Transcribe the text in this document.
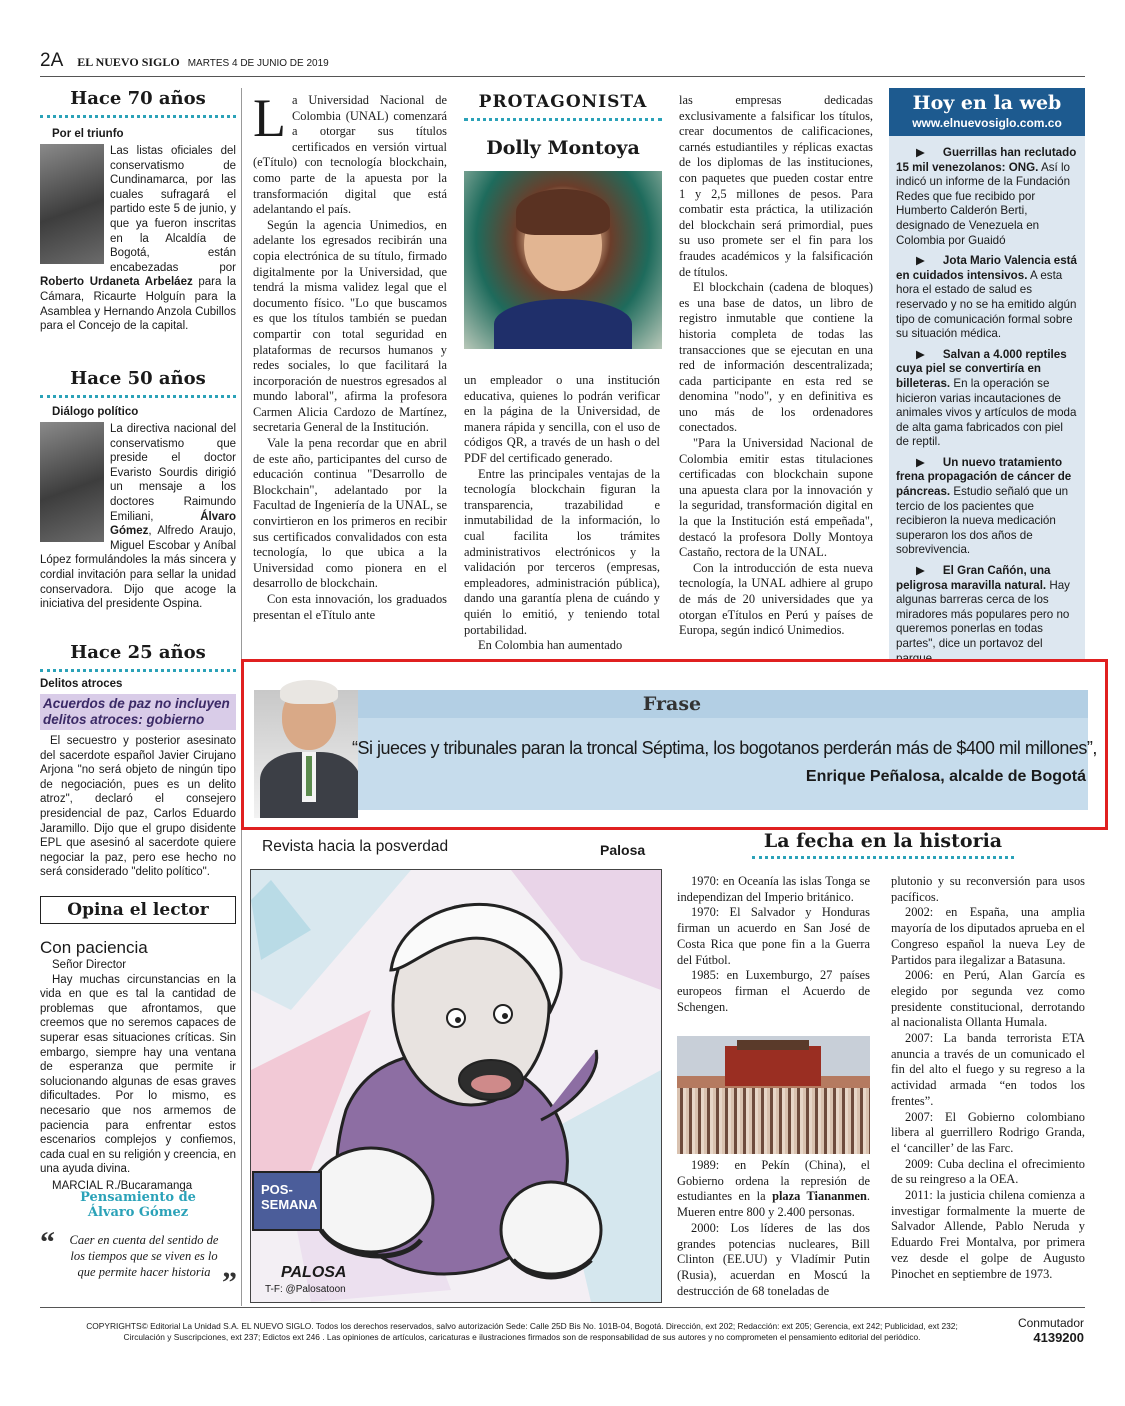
2A EL NUEVO SIGLO MARTES 4 DE JUNIO DE 2019
Hace 70 años
Por el triunfo
Las listas oficiales del conservatismo de Cundinamarca, por las cuales sufragará el partido este 5 de junio, y que ya fueron inscritas en la Alcaldía de Bogotá, están encabezadas por Roberto Urdaneta Arbeláez para la Cámara, Ricaurte Holguín para la Asamblea y Hernando Anzola Cubillos para el Concejo de la capital.
Hace 50 años
Diálogo político
La directiva nacional del conservatismo que preside el doctor Evaristo Sourdis dirigió un mensaje a los doctores Raimundo Emiliani,	Álvaro Gómez, Alfredo Araujo, Miguel Escobar y Aníbal López formulándoles la más sincera y cordial invitación para sellar la unidad conservadora. Dijo que acoge la iniciativa del presidente Ospina.
Hace 25 años
Delitos atroces
Acuerdos de paz no incluyen delitos atroces: gobierno
El secuestro y posterior asesinato del sacerdote español Javier Cirujano Arjona "no será objeto de ningún tipo de negociación, pues es un delito atroz", declaró el consejero presidencial de paz, Carlos Eduardo Jaramillo. Dijo que el grupo disidente EPL que asesinó al sacerdote quiere negociar la paz, pero ese hecho no será considerado "delito político".
Opina el lector
Con paciencia
Señor Director
Hay muchas circunstancias en la vida en que es tal la cantidad de problemas que afrontamos, que creemos que no seremos capaces de superar esas situaciones críticas. Sin embargo, siempre hay una ventana de esperanza que permite ir solucionando algunas de esas graves dificultades. Por lo mismo, es necesario que nos armemos de paciencia para enfrentar estos escenarios complejos y confiemos, cada cual en su religión y creencia, en una ayuda divina.
MARCIAL R./Bucaramanga
Pensamiento de Álvaro Gómez
“ Caer en cuenta del sentido de los tiempos que se viven es lo que permite hacer historia ”
L a Universidad Nacional de Colombia (UNAL) comenzará a otorgar sus títulos certificados en versión virtual (eTítulo) con tecnología blockchain, como parte de la apuesta por la transformación digital que está adelantando el país.

Según la agencia Unimedios, en adelante los egresados recibirán una copia electrónica de su título, firmado digitalmente por la Universidad, que tendrá la misma validez legal que el documento físico. "Lo que buscamos es que los títulos también se puedan compartir con total seguridad en plataformas de recursos humanos y redes sociales, lo que facilitará la incorporación de nuestros egresados al mundo laboral", afirma la profesora Carmen Alicia Cardozo de Martínez, secretaria General de la Institución.

Vale la pena recordar que en abril de este año, participantes del curso de educación continua "Desarrollo de Blockchain", adelantado por la Facultad de Ingeniería de la UNAL, se convirtieron en los primeros en recibir sus certificados convalidados con esta tecnología, lo que ubica a la Universidad como pionera en el desarrollo de blockchain.

Con esta innovación, los graduados presentan el eTítulo ante

PROTAGONISTA
Dolly Montoya

un empleador o una institución educativa, quienes lo podrán verificar en la página de la Universidad, de manera rápida y sencilla, con el uso de códigos QR, a través de un hash o del PDF del certificado generado.

Entre las principales ventajas de la tecnología blockchain figuran la transparencia, trazabilidad e inmutabilidad de la información, lo cual facilita los trámites administrativos electrónicos y la validación por terceros (empresas, empleadores, administración pública), dando una garantía plena de cuándo y quién lo emitió, y teniendo total portabilidad.

En Colombia han aumentado

las empresas dedicadas exclusivamente a falsificar los títulos, crear documentos de calificaciones, carnés estudiantiles y réplicas exactas de los diplomas de las instituciones, con paquetes que pueden costar entre 1 y 2,5 millones de pesos. Para combatir esta práctica, la utilización del blockchain será primordial, pues su uso promete ser el fin para los fraudes académicos y la falsificación de títulos.

El blockchain (cadena de bloques) es una base de datos, un libro de registro inmutable que contiene la historia completa de todas las transacciones que se ejecutan en una red de información descentralizada; cada participante en esta red se denomina "nodo", y en definitiva es uno más de los ordenadores conectados.

"Para la Universidad Nacional de Colombia emitir estas titulaciones certificadas con blockchain supone una apuesta clara por la innovación y la seguridad, transformación digital en la que la Institución está empeñada", destacó la profesora Dolly Montoya Castaño, rectora de la UNAL.

Con la introducción de esta nueva tecnología, la UNAL adhiere al grupo de más de 20 universidades que ya otorgan eTítulos en Perú y países de Europa, según indicó Unimedios.

Hoy en la web
www.elnuevosiglo.com.co
▶ Guerrillas han reclutado 15 mil venezolanos: ONG. Así lo indicó un informe de la Fundación Redes que fue recibido por Humberto Calderón Berti, designado de Venezuela en Colombia por Guaidó
▶ Jota Mario Valencia está en cuidados intensivos. A esta hora el estado de salud es reservado y no se ha emitido algún tipo de comunicación formal sobre su situación médica.
▶ Salvan a 4.000 reptiles cuya piel se convertiría en billeteras. En la operación se hicieron varias incautaciones de animales vivos y artículos de moda de alta gama fabricados con piel de reptil.
▶ Un nuevo tratamiento frena propagación de cáncer de páncreas. Estudio señaló que un tercio de los pacientes que recibieron la nueva medicación superaron los dos años de sobrevivencia.
▶ El Gran Cañón, una peligrosa maravilla natural. Hay algunas barreras cerca de los miradores más populares pero no queremos ponerlas en todas partes", dice un portavoz del
Frase
“Si jueces y tribunales paran la troncal Séptima, los bogotanos perderán más de $400 mil millones”,
Enrique Peñalosa, alcalde de Bogotá
Revista hacia la posverdad	Palosa
POS-
SEMANA
PALOSA
T-F: @Palosatoon
La fecha en la historia

1970: en Oceanía las islas Tonga se independizan del Imperio británico.

1970: El Salvador y Honduras firman un acuerdo en San José de Costa Rica que pone fin a la Guerra del Fútbol.

1985: en Luxemburgo, 27 países europeos firman el Acuerdo de Schengen.

1989: en Pekín (China), el Gobierno ordena la represión de estudiantes en la plaza Tiananmen. Mueren entre 800 y 2.400 personas.

2000: Los líderes de las dos grandes potencias nucleares, Bill Clinton (EE.UU) y Vladímir Putin (Rusia), acuerdan en Moscú la destrucción de 68 toneladas de

plutonio y su reconversión para usos pacíficos.

2002: en España, una amplia mayoría de los diputados aprueba en el Congreso español la nueva Ley de Partidos para ilegalizar a Batasuna.

2006: en Perú, Alan García es elegido por segunda vez como presidente constitucional, derrotando al nacionalista Ollanta Humala.

2007: La banda terrorista ETA anuncia a través de un comunicado el fin del alto el fuego y su regreso a la actividad armada “en todos los frentes”.

2007: El Gobierno colombiano libera al guerrillero Rodrigo Granda, el ‘canciller’ de las Farc.

2009: Cuba declina el ofrecimiento de su reingreso a la OEA.

2011: la justicia chilena comienza a investigar formalmente la muerte de Salvador Allende, Pablo Neruda y Eduardo Frei Montalva, por primera vez desde el golpe de Augusto Pinochet en septiembre de 1973.

COPYRIGHTS© Editorial La Unidad S.A. EL NUEVO SIGLO. Todos los derechos reservados, salvo autorización Sede: Calle 25D Bis No. 101B-04, Bogotá. Dirección, ext 202; Redacción: ext 205; Gerencia, ext 242; Publicidad, ext 232;
Circulación y Suscripciones, ext 237; Edictos ext 246 . Las opiniones de artículos, caricaturas e ilustraciones firmados son de responsabilidad de sus autores y no comprometen el pensamiento editorial del periódico.
Conmutador
4139200
